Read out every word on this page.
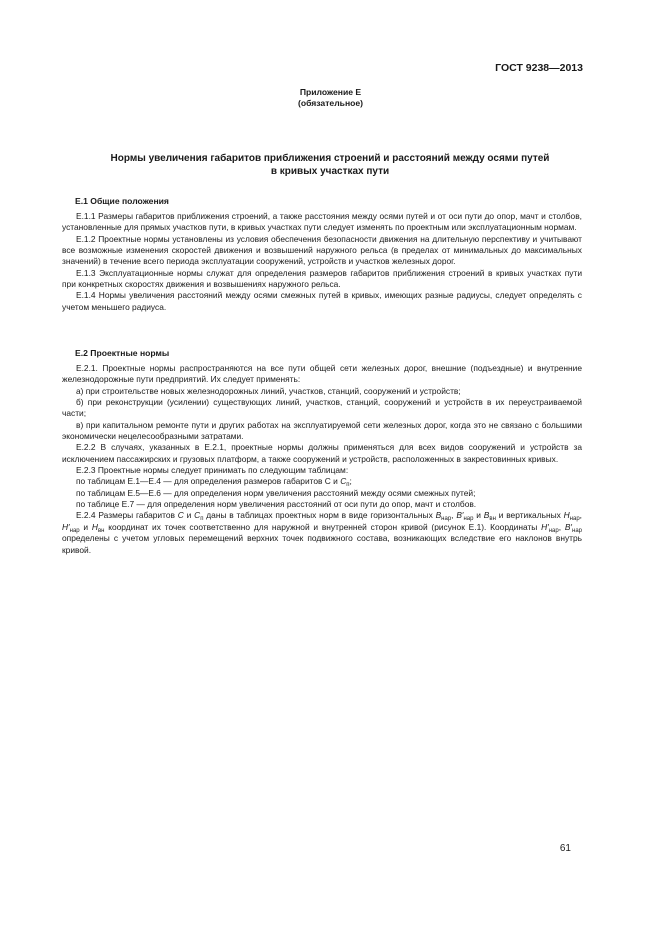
ГОСТ 9238—2013
Приложение Е
(обязательное)
Нормы увеличения габаритов приближения строений и расстояний между осями путей
в кривых участках пути
Е.1 Общие положения

Е.1.1 Размеры габаритов приближения строений, а также расстояния между осями путей и от оси пути до опор, мачт и столбов, установленные для прямых участков пути, в кривых участках пути следует изменять по проектным или эксплуатационным нормам.

Е.1.2 Проектные нормы установлены из условия обеспечения безопасности движения на длительную перспективу и учитывают все возможные изменения скоростей движения и возвышений наружного рельса (в пределах от минимальных до максимальных значений) в течение всего периода эксплуатации сооружений, устройств и участков железных дорог.

Е.1.3 Эксплуатационные нормы служат для определения размеров габаритов приближения строений в кривых участках пути при конкретных скоростях движения и возвышениях наружного рельса.

Е.1.4 Нормы увеличения расстояний между осями смежных путей в кривых, имеющих разные радиусы, следует определять с учетом меньшего радиуса.

Е.2 Проектные нормы

Е.2.1. Проектные нормы распространяются на все пути общей сети железных дорог, внешние (подъездные) и внутренние железнодорожные пути предприятий. Их следует применять:

а) при строительстве новых железнодорожных линий, участков, станций, сооружений и устройств;

б) при реконструкции (усилении) существующих линий, участков, станций, сооружений и устройств в их переустраиваемой части;

в) при капитальном ремонте пути и других работах на эксплуатируемой сети железных дорог, когда это не связано с большими экономически нецелесообразными затратами.

Е.2.2 В случаях, указанных в Е.2.1, проектные нормы должны применяться для всех видов сооружений и устройств за исключением пассажирских и грузовых платформ, а также сооружений и устройств, расположенных в закрестовинных кривых.

Е.2.3 Проектные нормы следует принимать по следующим таблицам:

по таблицам Е.1—Е.4 — для определения размеров габаритов С и $С_п$;

по таблицам Е.5—Е.6 — для определения норм увеличения расстояний между осями смежных путей;

по таблице Е.7 — для определения норм увеличения расстояний от оси пути до опор, мачт и столбов.

Е.2.4 Размеры габаритов С и $С_п$ даны в таблицах проектных норм в виде горизонтальных $В_{нар}$, $В'_{нар}$ и $В_{вн}$ и вертикальных $Н_{нар}$, $Н'_{нар}$ и $Н_{вн}$ координат их точек соответственно для наружной и внутренней сторон кривой (рисунок Е.1). Координаты $Н'_{нар}$, $В'_{нар}$ определены с учетом угловых перемещений верхних точек подвижного состава, возникающих вследствие его наклонов внутрь кривой.

61
